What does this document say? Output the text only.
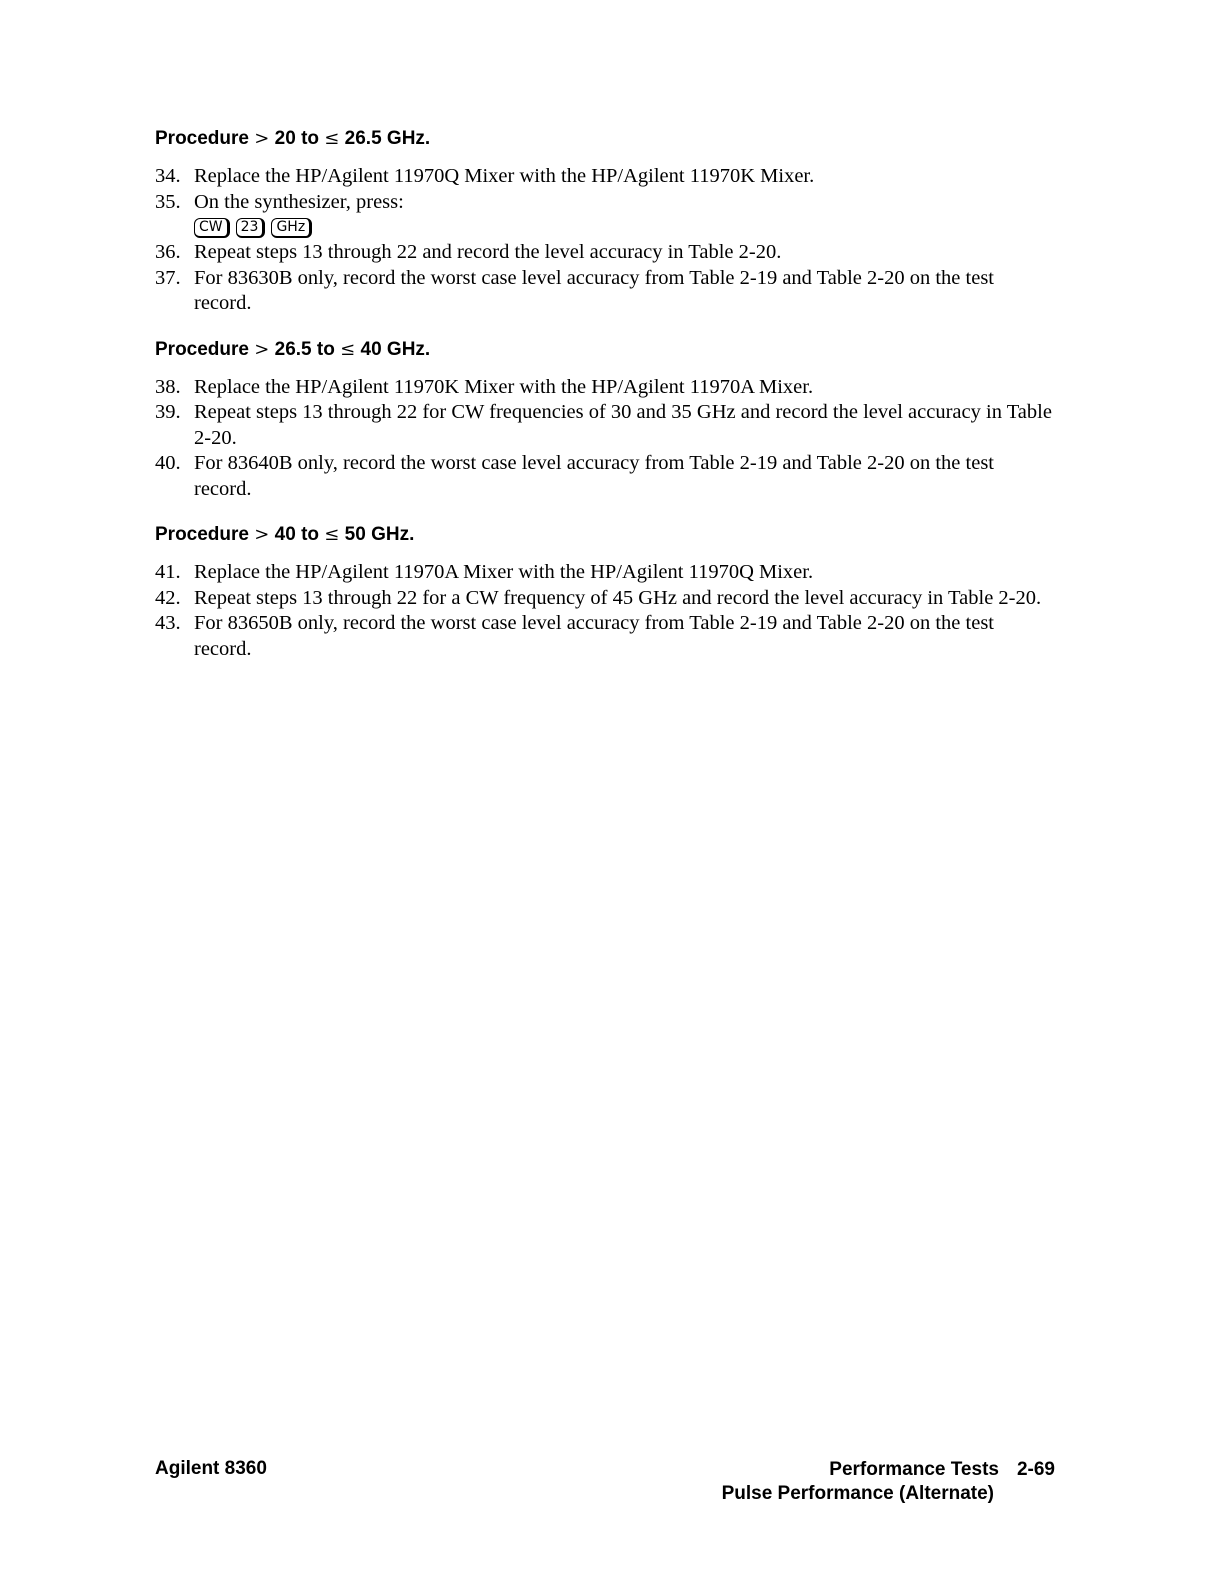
Procedure > 20 to ≤ 26.5 GHz.
34. Replace the HP/Agilent 11970Q Mixer with the HP/Agilent 11970K Mixer.
35. On the synthesizer, press:
CW	23	GHz
36. Repeat steps 13 through 22 and record the level accuracy in Table 2-20.
37. For 83630B only, record the worst case level accuracy from Table 2-19 and Table 2-20 on the test record.
Procedure > 26.5 to ≤ 40 GHz.
38. Replace the HP/Agilent 11970K Mixer with the HP/Agilent 11970A Mixer.
39. Repeat steps 13 through 22 for CW frequencies of 30 and 35 GHz and record the level accuracy in Table 2-20.
40. For 83640B only, record the worst case level accuracy from Table 2-19 and Table 2-20 on the test record.
Procedure > 40 to ≤ 50 GHz.
41. Replace the HP/Agilent 11970A Mixer with the HP/Agilent 11970Q Mixer.
42. Repeat steps 13 through 22 for a CW frequency of 45 GHz and record the level accuracy in Table 2-20.
43. For 83650B only, record the worst case level accuracy from Table 2-19 and Table 2-20 on the test record.
Agilent 8360	Performance Tests 2-69
Pulse Performance (Alternate)
